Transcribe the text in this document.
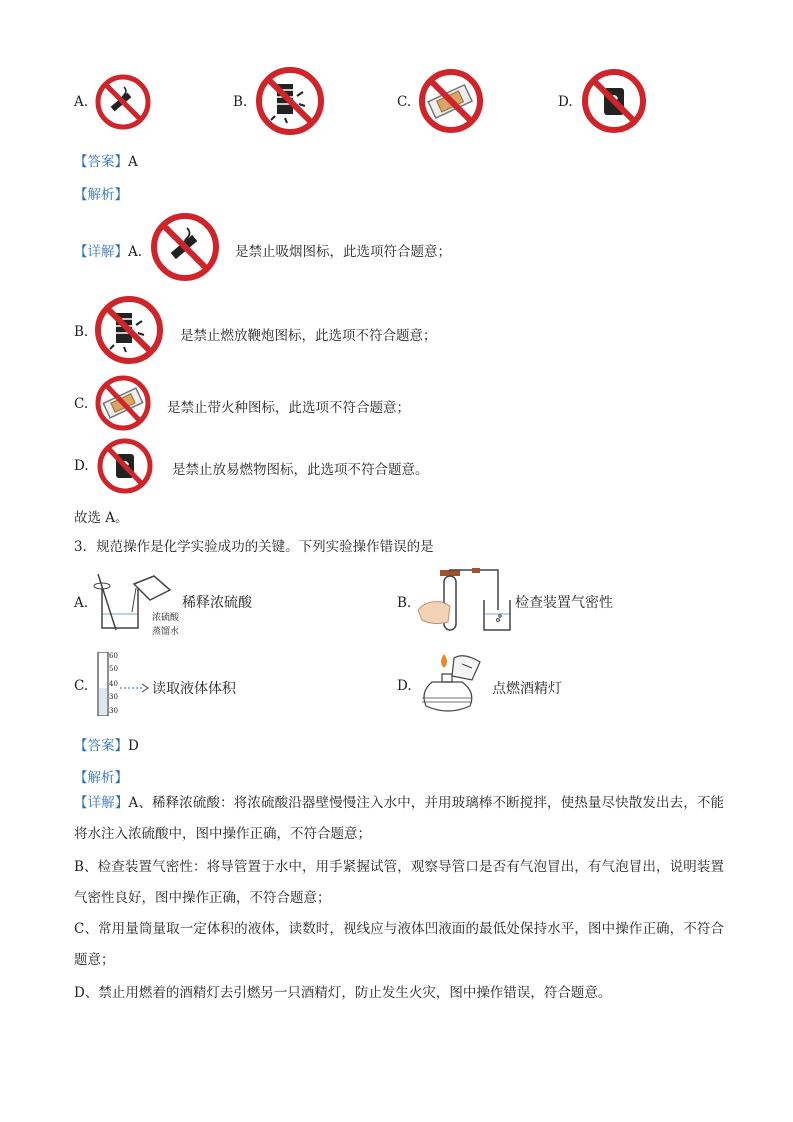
A.	B.	C.	D.
【答案】A
【解析】
【详解】A.	是禁止吸烟图标，此选项符合题意；
B.	是禁止燃放鞭炮图标，此选项不符合题意；
C.	是禁止带火种图标，此选项不符合题意；
D.	是禁止放易燃物图标，此选项不符合题意。
故选 A。
3．规范操作是化学实验成功的关键。下列实验操作错误的是
A.	稀释浓硫酸
浓硫酸
蒸馏水
B.	检查装置气密性
C.
60
50
40
30
30
读取液体体积	D.	点燃酒精灯
【答案】D
【解析】
【详解】A、稀释浓硫酸：将浓硫酸沿器壁慢慢注入水中，并用玻璃棒不断搅拌，使热量尽快散发出去，不能将水注入浓硫酸中，图中操作正确，不符合题意；
B、检查装置气密性：将导管置于水中，用手紧握试管，观察导管口是否有气泡冒出，有气泡冒出，说明装置气密性良好，图中操作正确，不符合题意；
C、常用量筒量取一定体积的液体，读数时，视线应与液体凹液面的最低处保持水平，图中操作正确，不符合题意；
D、禁止用燃着的酒精灯去引燃另一只酒精灯，防止发生火灾，图中操作错误，符合题意。
